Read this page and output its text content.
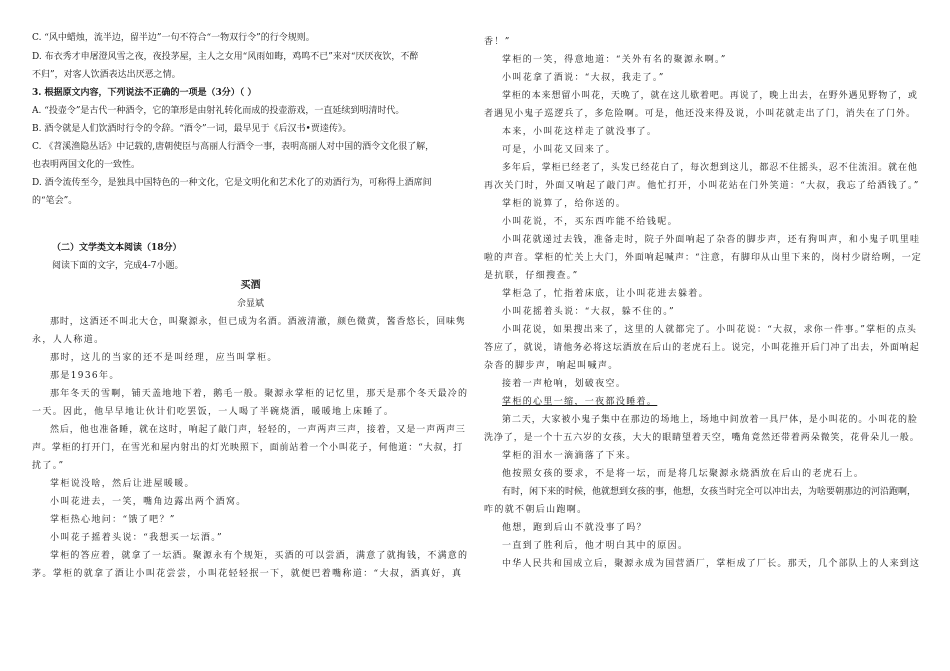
C. “风中蜡烛，流半边，留半边”一句不符合“一物双行令”的行令规则。

D. 布衣秀才申屠澄风雪之夜，夜投茅屋，主人之女用“风雨如晦，鸡鸣不已”来对“厌厌夜饮，不醉

不归”，对客人饮酒表达出厌恶之情。

3. 根据原文内容，下列说法不正确的一项是（3分）（ ）

A. “投壶令”是古代一种酒令，它的筆形是由射礼转化而成的投壶游戏，一直延续到明清时代。

B. 酒令就是人们饮酒时行令的令辞。“酒令”一词，最早见于《后汉书•贾逵传》。

C. 《苕溪渔隐丛话》中记载的,唐朝使臣与高丽人行酒令一事，表明高丽人对中国的酒令文化很了解，

也表明两国文化的一致性。

D. 酒令流传至今，是独具中国特色的一种文化，它是文明化和艺术化了的劝酒行为，可称得上酒席间

的“笔会”。

（二）文学类文本阅读（18分）

阅读下面的文字，完成4-7小题。

买酒

佘显斌

那时，这酒还不叫北大仓，叫聚源永，但已成为名酒。酒液清澈，颜色微黄，酱香悠长，回味隽

永，人人称道。

那时，这儿的当家的还不是叫经理，应当叫掌柜。

那是1936年。

那年冬天的雪啊，铺天盖地地下着，鹅毛一般。聚源永掌柜的记忆里，那天是那个冬天最冷的

一天。因此，他早早地让伙计们吃罢饭，一人喝了半碗烧酒，暖暖地上床睡了。

然后，他也准备睡，就在这时，响起了敲门声，轻轻的，一声两声三声，接着，又是一声两声三

声。掌柜的打开门，在雪光和屋内射出的灯光映照下，面前站着一个小叫花子，何他道：“大叔，打

扰了。”

掌柜说没啥，然后让进屋暖暖。

小叫花进去，一笑，嘴角边露出两个酒窝。

掌柜热心地问：“饿了吧？”

小叫花子摇着头说：“我想买一坛酒。”

掌柜的答应着，就拿了一坛酒。聚源永有个规矩，买酒的可以尝酒，满意了就掏钱，不满意的

茅。掌柜的就拿了酒让小叫花尝尝，小叫花轻轻抿一下，就便巴着嘴称道：“大叔，酒真好，真

香！”

掌柜的一笑，得意地道：“关外有名的聚源永啊。”

小叫花拿了酒说：“大叔，我走了。”

掌柜的本来想留小叫花，天晚了，就在这儿歇着吧。再说了，晚上出去，在野外遇见野物了，或

者遇见小鬼子巡逻兵了，多危险啊。可是，他还没来得及说，小叫花就走出了门，消失在了门外。

本来，小叫花这样走了就没事了。

可是，小叫花又回来了。

多年后，掌柜已经老了，头发已经花白了，每次想到这儿，都忍不住摇头，忍不住流泪。就在他

再次关门时，外面又响起了敲门声。他忙打开，小叫花站在门外笑道：“大叔，我忘了给酒钱了。”

掌柜的说算了，给你送的。

小叫花说，不，买东西咋能不给钱呢。

小叫花就递过去钱，准备走时，院子外面响起了杂沓的脚步声，还有狗叫声，和小鬼子叽里哇

啦的声音。掌柜的忙关上大门，外面响起喊声：“注意，有脚印从山里下来的，岗村少尉给咧，一定

是抗联，仔细搜查。”

掌柜急了，忙指着床底，让小叫花进去躲着。

小叫花摇着头说：“大叔，躲不住的。”

小叫花说，如果搜出来了，这里的人就都完了。小叫花说：“大叔，求你一件事。”掌柜的点头

答应了，就说，请他务必将这坛酒放在后山的老虎石上。说完，小叫花推开后门冲了出去，外面响起

杂沓的脚步声，响起叫喊声。

接着一声枪响，划破夜空。

掌柜的心里一缩，一夜都没睡着。

第二天，大家被小鬼子集中在那边的场地上，场地中间放着一具尸体，是小叫花的。小叫花的脸

洗净了，是一个十五六岁的女孩，大大的眼睛望着天空，嘴角竟然还带着两朵微笑，花骨朵儿一般。

掌柜的泪水一滴滴落了下来。

他按照女孩的要求，不是将一坛，而是将几坛聚源永烧酒放在后山的老虎石上。

有时，闲下来的时候，他就想到女孩的事，他想，女孩当时完全可以冲出去，为啥要朝那边的河沿跑啊，

咋的就不朝后山跑啊。

他想，跑到后山不就没事了吗？

一直到了胜利后，他才明白其中的原因。

中华人民共和国成立后，聚源永成为国营酒厂，掌柜成了厂长。那天，几个部队上的人来到这
